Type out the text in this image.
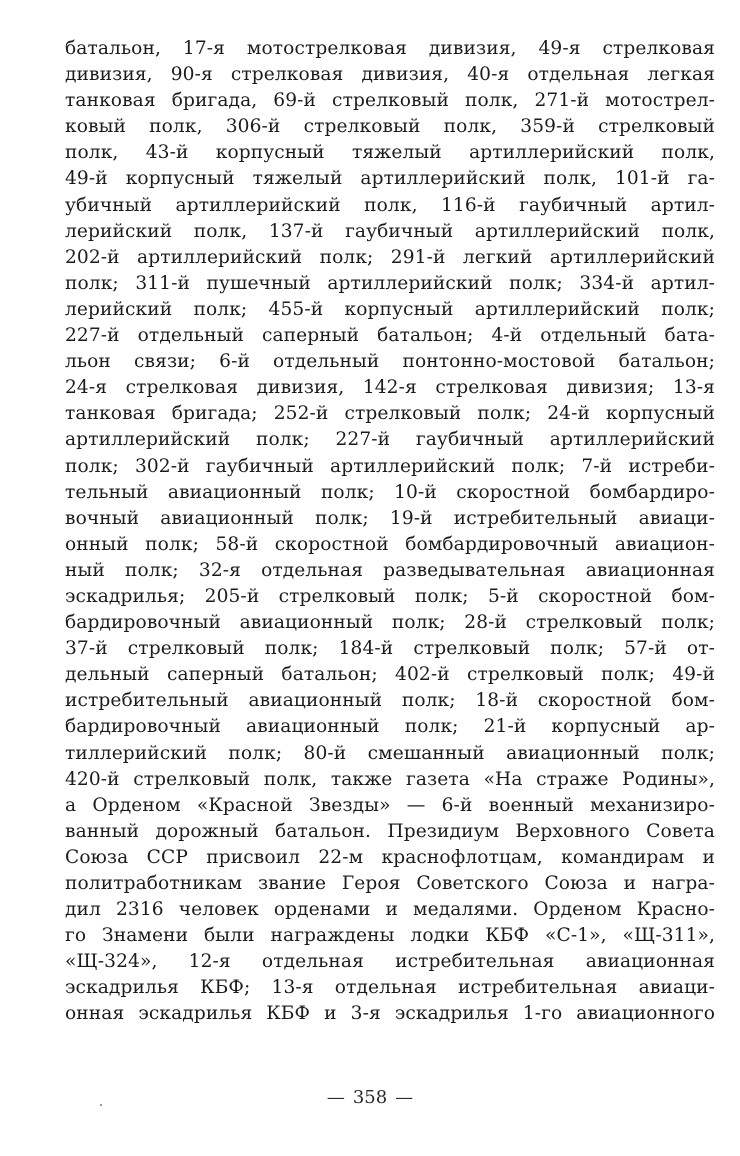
батальон, 17-я мотострелковая дивизия, 49-я стрелковая
дивизия, 90-я стрелковая дивизия, 40-я отдельная легкая
танковая бригада, 69-й стрелковый полк, 271-й мотострел-
ковый полк, 306-й стрелковый полк, 359-й стрелковый
полк, 43-й корпусный тяжелый артиллерийский полк,
49-й корпусный тяжелый артиллерийский полк, 101-й га-
убичный артиллерийский полк, 116-й гаубичный артил-
лерийский полк, 137-й гаубичный артиллерийский полк,
202-й артиллерийский полк; 291-й легкий артиллерийский
полк; 311-й пушечный артиллерийский полк; 334-й артил-
лерийский полк; 455-й корпусный артиллерийский полк;
227-й отдельный саперный батальон; 4-й отдельный бата-
льон связи; 6-й отдельный понтонно-мостовой батальон;
24-я стрелковая дивизия, 142-я стрелковая дивизия; 13-я
танковая бригада; 252-й стрелковый полк; 24-й корпусный
артиллерийский полк; 227-й гаубичный артиллерийский
полк; 302-й гаубичный артиллерийский полк; 7-й истреби-
тельный авиационный полк; 10-й скоростной бомбардиро-
вочный авиационный полк; 19-й истребительный авиаци-
онный полк; 58-й скоростной бомбардировочный авиацион-
ный полк; 32-я отдельная разведывательная авиационная
эскадрилья; 205-й стрелковый полк; 5-й скоростной бом-
бардировочный авиационный полк; 28-й стрелковый полк;
37-й стрелковый полк; 184-й стрелковый полк; 57-й от-
дельный саперный батальон; 402-й стрелковый полк; 49-й
истребительный авиационный полк; 18-й скоростной бом-
бардировочный авиационный полк; 21-й корпусный ар-
тиллерийский полк; 80-й смешанный авиационный полк;
420-й стрелковый полк, также газета «На страже Родины»,
а Орденом «Красной Звезды» — 6-й военный механизиро-
ванный дорожный батальон. Президиум Верховного Совета
Союза ССР присвоил 22-м краснофлотцам, командирам и
политработникам звание Героя Советского Союза и награ-
дил 2316 человек орденами и медалями. Орденом Красно-
го Знамени были награждены лодки КБФ «С-1», «Щ-311»,
«Щ-324», 12-я отдельная истребительная авиационная
эскадрилья КБФ; 13-я отдельная истребительная авиаци-
онная эскадрилья КБФ и 3-я эскадрилья 1-го авиационного
— 358 —
